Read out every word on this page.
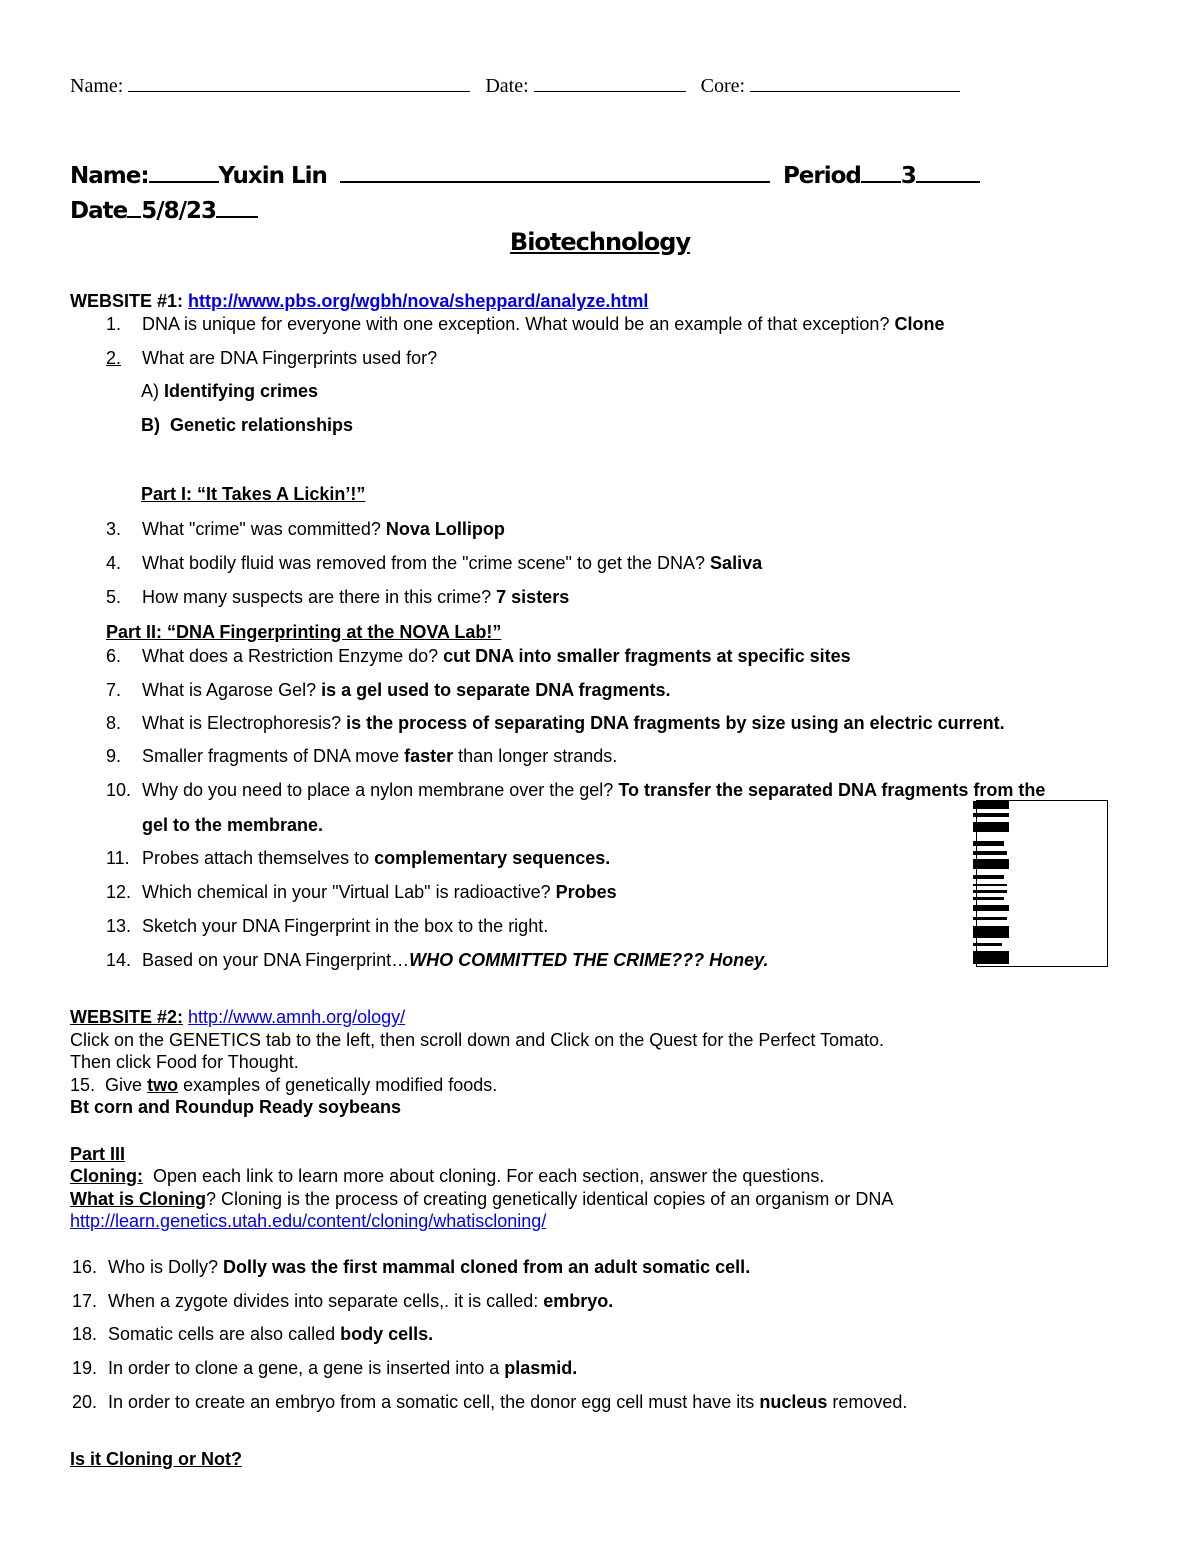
Name:	Date:	Core:
Name:	Yuxin Lin	Period 3
Date 5/8/23
Biotechnology
WEBSITE #1: http://www.pbs.org/wgbh/nova/sheppard/analyze.html
1. DNA is unique for everyone with one exception. What would be an example of that exception? Clone
2. What are DNA Fingerprints used for?
A) Identifying crimes
B) Genetic relationships
Part I: “It Takes A Lickin’!”
3. What "crime" was committed? Nova Lollipop
4. What bodily fluid was removed from the "crime scene" to get the DNA? Saliva
5. How many suspects are there in this crime? 7 sisters
Part II: “DNA Fingerprinting at the NOVA Lab!”
6. What does a Restriction Enzyme do? cut DNA into smaller fragments at specific sites
7. What is Agarose Gel? is a gel used to separate DNA fragments.
8. What is Electrophoresis? is the process of separating DNA fragments by size using an electric current.
9. Smaller fragments of DNA move faster than longer strands.
10. Why do you need to place a nylon membrane over the gel? To transfer the separated DNA fragments from the
gel to the membrane.
11. Probes attach themselves to complementary sequences.
12. Which chemical in your "Virtual Lab" is radioactive? Probes
13. Sketch your DNA Fingerprint in the box to the right.
14. Based on your DNA Fingerprint…WHO COMMITTED THE CRIME??? Honey.
WEBSITE #2: http://www.amnh.org/ology/
Click on the GENETICS tab to the left, then scroll down and Click on the Quest for the Perfect Tomato.
Then click Food for Thought.
15. Give two examples of genetically modified foods.
Bt corn and Roundup Ready soybeans
Part III
Cloning: Open each link to learn more about cloning. For each section, answer the questions.
What is Cloning? Cloning is the process of creating genetically identical copies of an organism or DNA
http://learn.genetics.utah.edu/content/cloning/whatiscloning/
16. Who is Dolly? Dolly was the first mammal cloned from an adult somatic cell.
17. When a zygote divides into separate cells,. it is called: embryo.
18. Somatic cells are also called body cells.
19. In order to clone a gene, a gene is inserted into a plasmid.
20. In order to create an embryo from a somatic cell, the donor egg cell must have its nucleus removed.
Is it Cloning or Not?
